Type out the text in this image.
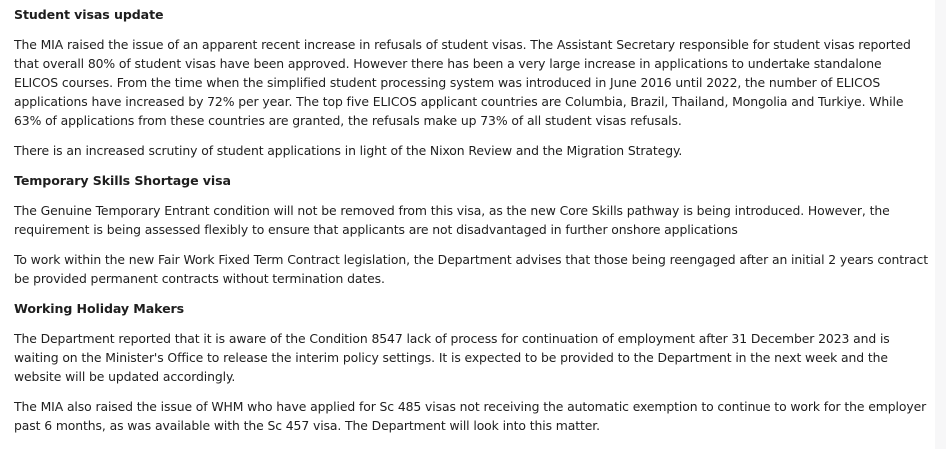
Student visas update

The MIA raised the issue of an apparent recent increase in refusals of student visas. The Assistant Secretary responsible for student visas reported that overall 80% of student visas have been approved. However there has been a very large increase in applications to undertake standalone ELICOS courses. From the time when the simplified student processing system was introduced in June 2016 until 2022, the number of ELICOS applications have increased by 72% per year. The top five ELICOS applicant countries are Columbia, Brazil, Thailand, Mongolia and Turkiye. While 63% of applications from these countries are granted, the refusals make up 73% of all student visas refusals.

There is an increased scrutiny of student applications in light of the Nixon Review and the Migration Strategy.

Temporary Skills Shortage visa

The Genuine Temporary Entrant condition will not be removed from this visa, as the new Core Skills pathway is being introduced. However, the requirement is being assessed flexibly to ensure that applicants are not disadvantaged in further onshore applications

To work within the new Fair Work Fixed Term Contract legislation, the Department advises that those being reengaged after an initial 2 years contract be provided permanent contracts without termination dates.

Working Holiday Makers

The Department reported that it is aware of the Condition 8547 lack of process for continuation of employment after 31 December 2023 and is waiting on the Minister's Office to release the interim policy settings. It is expected to be provided to the Department in the next week and the website will be updated accordingly.

The MIA also raised the issue of WHM who have applied for Sc 485 visas not receiving the automatic exemption to continue to work for the employer past 6 months, as was available with the Sc 457 visa. The Department will look into this matter.
